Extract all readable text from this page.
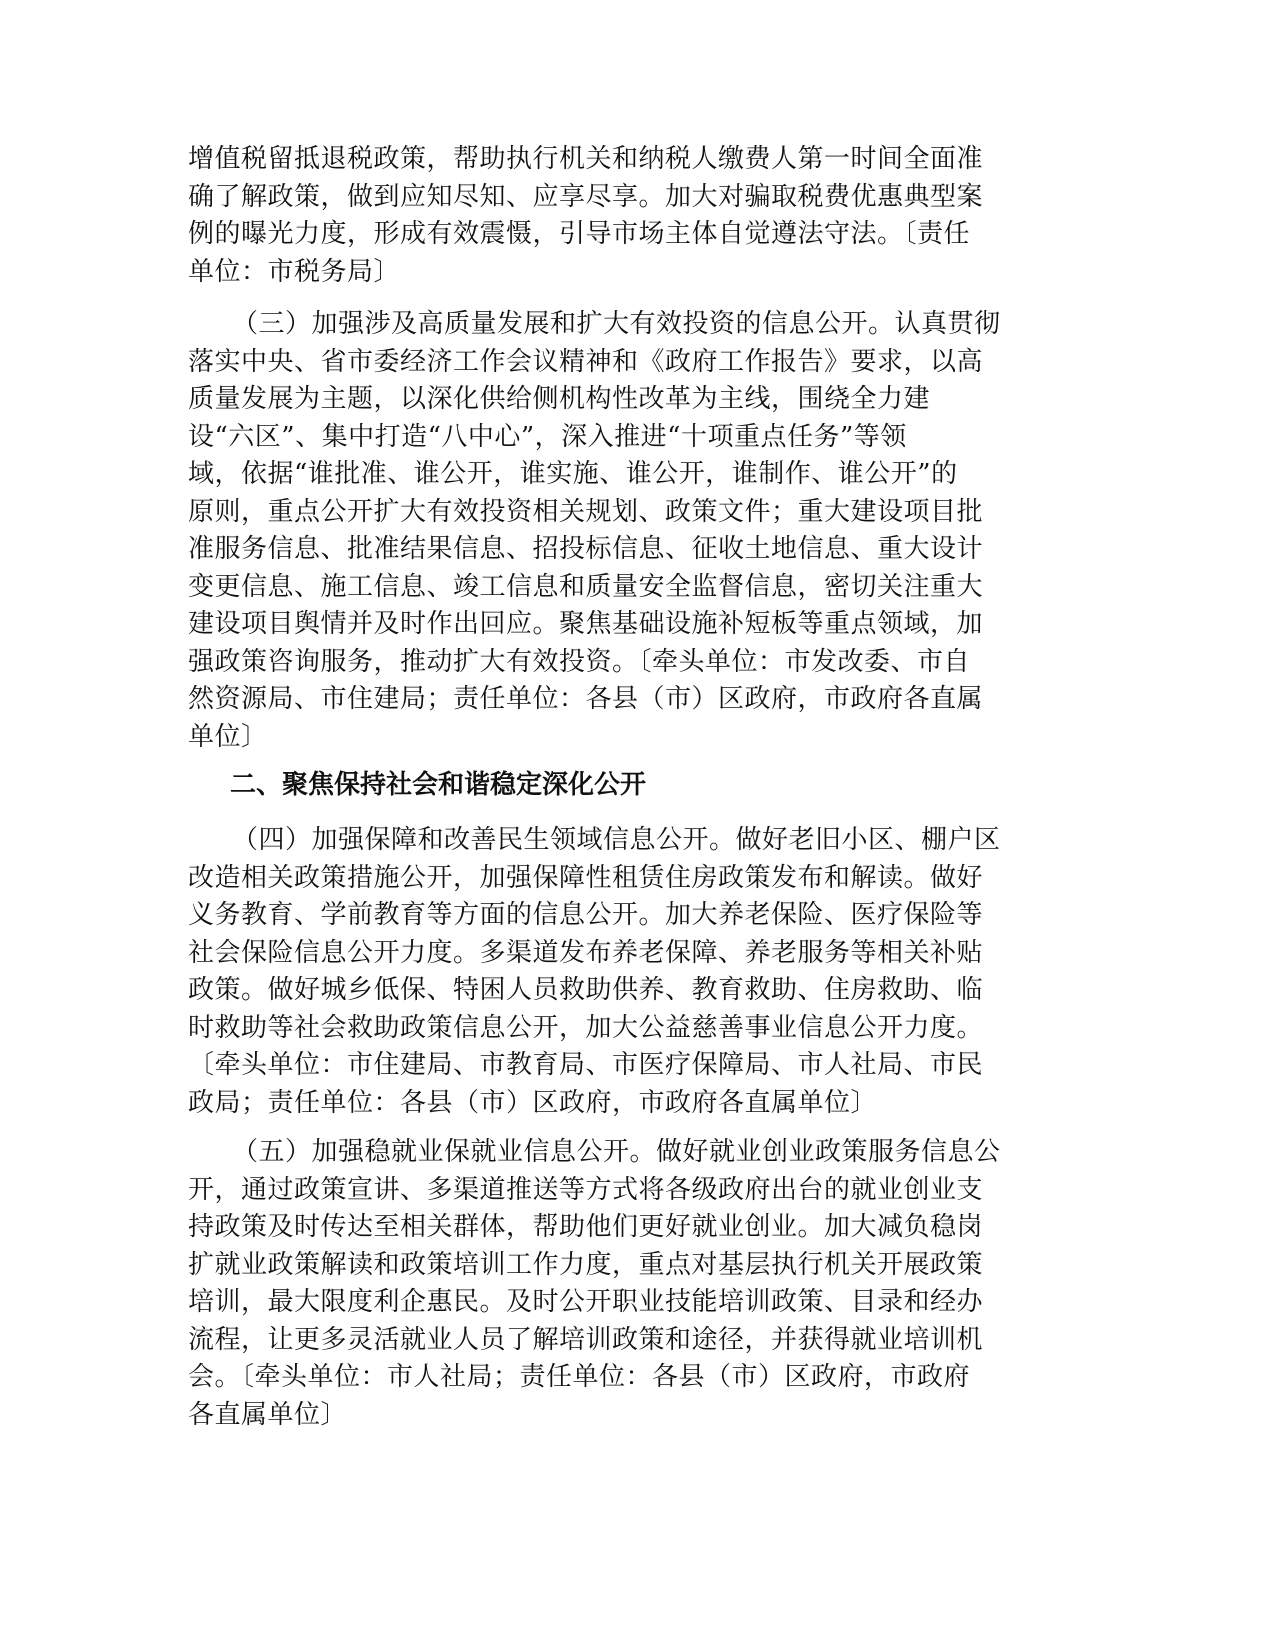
增值税留抵退税政策，帮助执行机关和纳税人缴费人第一时间全面准
确了解政策，做到应知尽知、应享尽享。加大对骗取税费优惠典型案
例的曝光力度，形成有效震慑，引导市场主体自觉遵法守法。〔责任
单位：市税务局〕
（三）加强涉及高质量发展和扩大有效投资的信息公开。认真贯彻
落实中央、省市委经济工作会议精神和《政府工作报告》要求，以高
质量发展为主题，以深化供给侧机构性改革为主线，围绕全力建
设“六区”、集中打造“八中心”，深入推进“十项重点任务”等领
域，依据“谁批准、谁公开，谁实施、谁公开，谁制作、谁公开”的
原则，重点公开扩大有效投资相关规划、政策文件；重大建设项目批
准服务信息、批准结果信息、招投标信息、征收土地信息、重大设计
变更信息、施工信息、竣工信息和质量安全监督信息，密切关注重大
建设项目舆情并及时作出回应。聚焦基础设施补短板等重点领域，加
强政策咨询服务，推动扩大有效投资。〔牵头单位：市发改委、市自
然资源局、市住建局；责任单位：各县（市）区政府，市政府各直属
单位〕
二、聚焦保持社会和谐稳定深化公开
（四）加强保障和改善民生领域信息公开。做好老旧小区、棚户区
改造相关政策措施公开，加强保障性租赁住房政策发布和解读。做好
义务教育、学前教育等方面的信息公开。加大养老保险、医疗保险等
社会保险信息公开力度。多渠道发布养老保障、养老服务等相关补贴
政策。做好城乡低保、特困人员救助供养、教育救助、住房救助、临
时救助等社会救助政策信息公开，加大公益慈善事业信息公开力度。
〔牵头单位：市住建局、市教育局、市医疗保障局、市人社局、市民
政局；责任单位：各县（市）区政府，市政府各直属单位〕
（五）加强稳就业保就业信息公开。做好就业创业政策服务信息公
开，通过政策宣讲、多渠道推送等方式将各级政府出台的就业创业支
持政策及时传达至相关群体，帮助他们更好就业创业。加大减负稳岗
扩就业政策解读和政策培训工作力度，重点对基层执行机关开展政策
培训，最大限度利企惠民。及时公开职业技能培训政策、目录和经办
流程，让更多灵活就业人员了解培训政策和途径，并获得就业培训机
会。〔牵头单位：市人社局；责任单位：各县（市）区政府，市政府
各直属单位〕
